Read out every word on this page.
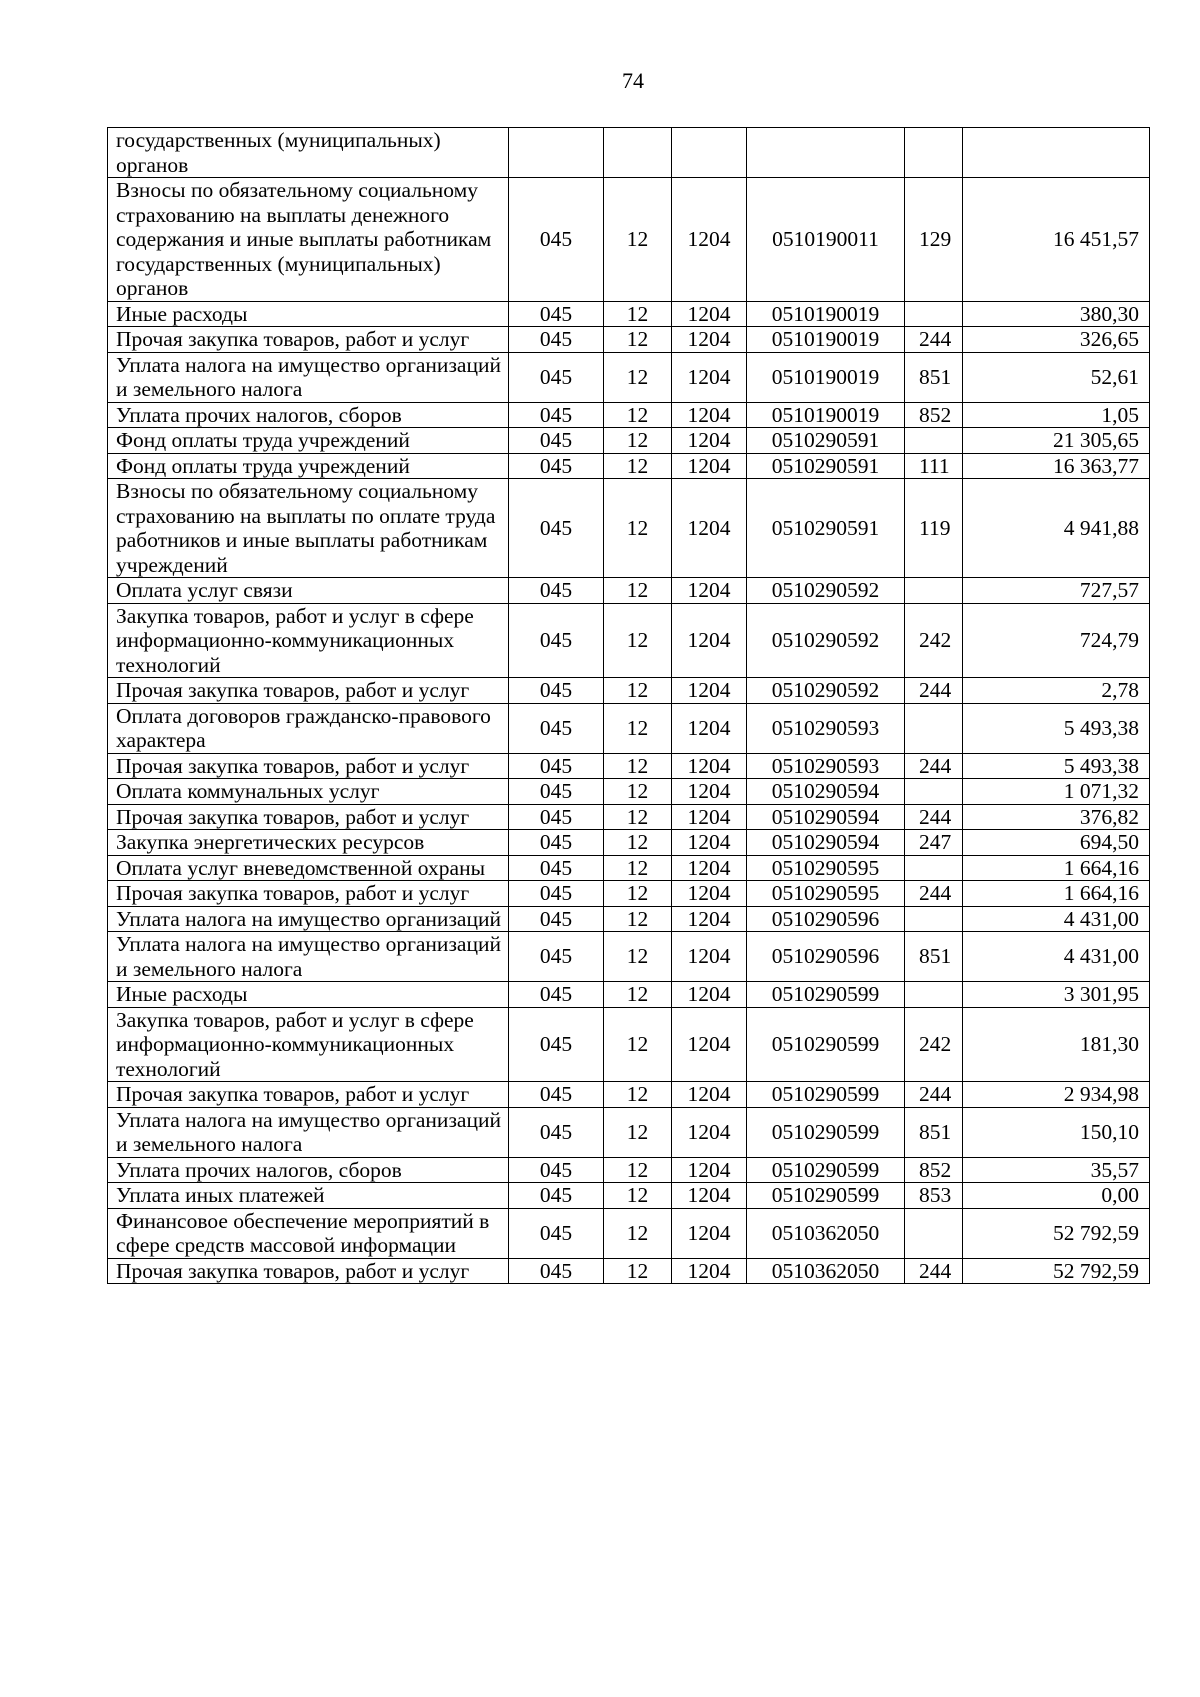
74
государственных (муниципальных) органов						
Взносы по обязательному социальному страхованию на выплаты денежного содержания и иные выплаты работникам государственных (муниципальных) органов	045	12	1204	0510190011	129	16 451,57
Иные расходы	045	12	1204	0510190019		380,30
Прочая закупка товаров, работ и услуг	045	12	1204	0510190019	244	326,65
Уплата налога на имущество организаций и земельного налога	045	12	1204	0510190019	851	52,61
Уплата прочих налогов, сборов	045	12	1204	0510190019	852	1,05
Фонд оплаты труда учреждений	045	12	1204	0510290591		21 305,65
Фонд оплаты труда учреждений	045	12	1204	0510290591	111	16 363,77
Взносы по обязательному социальному страхованию на выплаты по оплате труда работников и иные выплаты работникам учреждений	045	12	1204	0510290591	119	4 941,88
Оплата услуг связи	045	12	1204	0510290592		727,57
Закупка товаров, работ и услуг в сфере информационно-коммуникационных технологий	045	12	1204	0510290592	242	724,79
Прочая закупка товаров, работ и услуг	045	12	1204	0510290592	244	2,78
Оплата договоров гражданско-правового характера	045	12	1204	0510290593		5 493,38
Прочая закупка товаров, работ и услуг	045	12	1204	0510290593	244	5 493,38
Оплата коммунальных услуг	045	12	1204	0510290594		1 071,32
Прочая закупка товаров, работ и услуг	045	12	1204	0510290594	244	376,82
Закупка энергетических ресурсов	045	12	1204	0510290594	247	694,50
Оплата услуг вневедомственной охраны	045	12	1204	0510290595		1 664,16
Прочая закупка товаров, работ и услуг	045	12	1204	0510290595	244	1 664,16
Уплата налога на имущество организаций	045	12	1204	0510290596		4 431,00
Уплата налога на имущество организаций и земельного налога	045	12	1204	0510290596	851	4 431,00
Иные расходы	045	12	1204	0510290599		3 301,95
Закупка товаров, работ и услуг в сфере информационно-коммуникационных технологий	045	12	1204	0510290599	242	181,30
Прочая закупка товаров, работ и услуг	045	12	1204	0510290599	244	2 934,98
Уплата налога на имущество организаций и земельного налога	045	12	1204	0510290599	851	150,10
Уплата прочих налогов, сборов	045	12	1204	0510290599	852	35,57
Уплата иных платежей	045	12	1204	0510290599	853	0,00
Финансовое обеспечение мероприятий в сфере средств массовой информации	045	12	1204	0510362050		52 792,59
Прочая закупка товаров, работ и услуг	045	12	1204	0510362050	244	52 792,59
